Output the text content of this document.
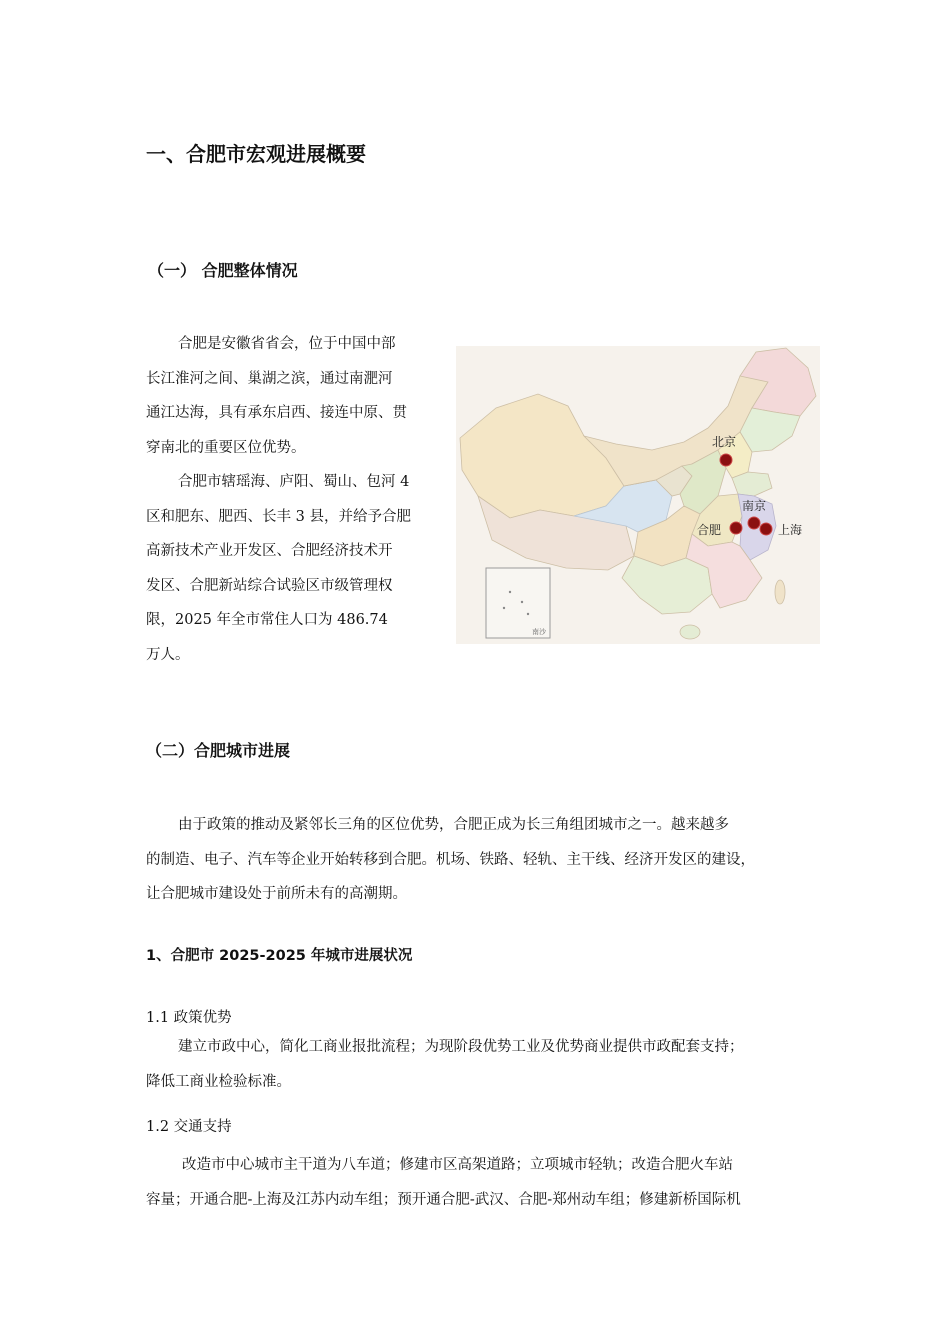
一、合肥市宏观进展概要
（一） 合肥整体情况
合肥是安徽省省会，位于中国中部
长江淮河之间、巢湖之滨，通过南淝河
通江达海，具有承东启西、接连中原、贯
穿南北的重要区位优势。
合肥市辖瑶海、庐阳、蜀山、包河 4
区和肥东、肥西、长丰 3 县，并给予合肥
高新技术产业开发区、合肥经济技术开
发区、合肥新站综合试验区市级管理权
限，2025 年全市常住人口为 486.74
万人。
南沙
北京
南京
合肥	上海
（二）合肥城市进展
由于政策的推动及紧邻长三角的区位优势，合肥正成为长三角组团城市之一。越来越多
的制造、电子、汽车等企业开始转移到合肥。机场、铁路、轻轨、主干线、经济开发区的建设，
让合肥城市建设处于前所未有的高潮期。
1、合肥市 2025-2025 年城市进展状况
1.1 政策优势
建立市政中心，简化工商业报批流程；为现阶段优势工业及优势商业提供市政配套支持；
降低工商业检验标准。
1.2 交通支持
改造市中心城市主干道为八车道；修建市区高架道路；立项城市轻轨；改造合肥火车站
容量；开通合肥-上海及江苏内动车组；预开通合肥-武汉、合肥-郑州动车组；修建新桥国际机
